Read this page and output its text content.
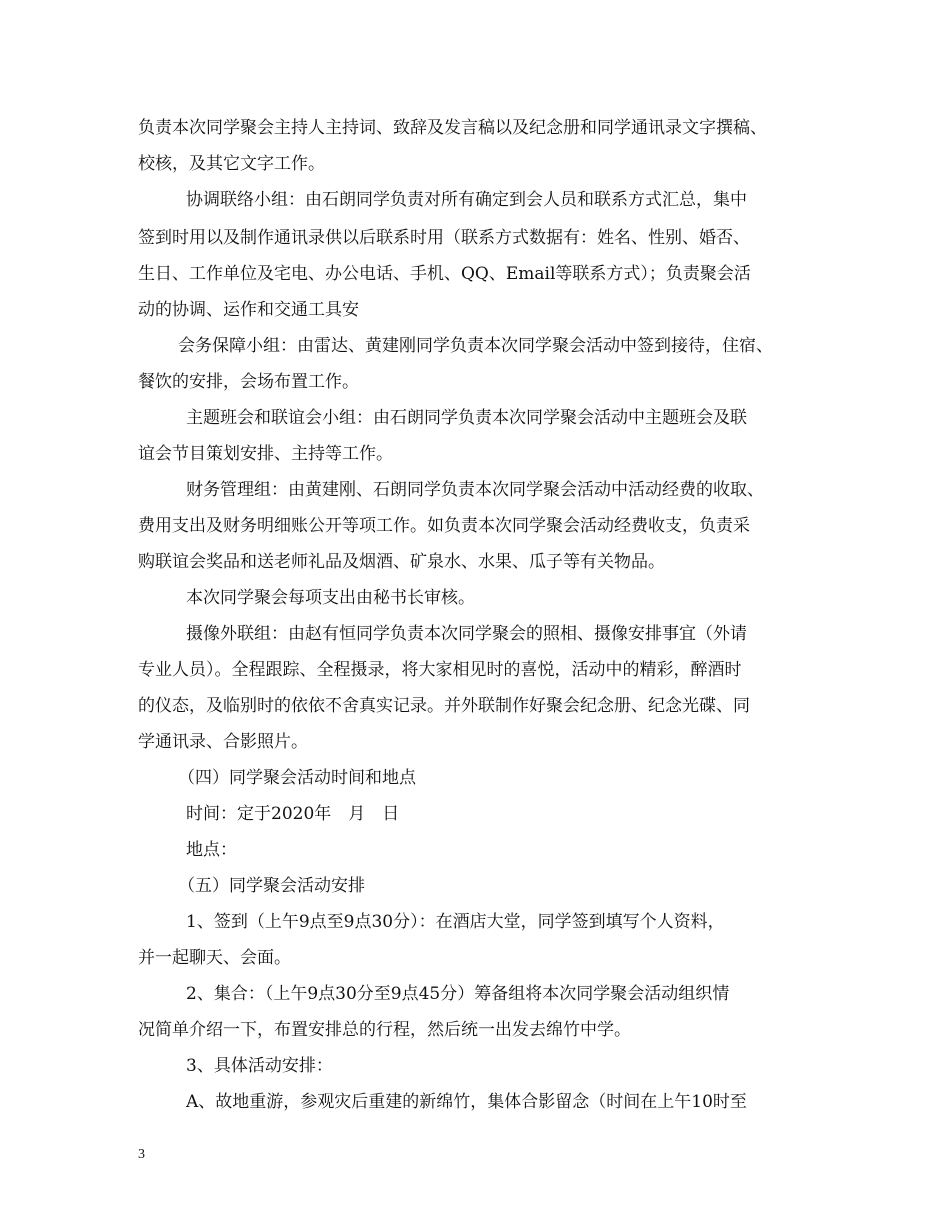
负责本次同学聚会主持人主持词、致辞及发言稿以及纪念册和同学通讯录文字撰稿、
校核，及其它文字工作。
协调联络小组：由石朗同学负责对所有确定到会人员和联系方式汇总，集中
签到时用以及制作通讯录供以后联系时用（联系方式数据有：姓名、性别、婚否、
生日、工作单位及宅电、办公电话、手机、QQ、Email等联系方式）；负责聚会活
动的协调、运作和交通工具安
会务保障小组：由雷达、黄建刚同学负责本次同学聚会活动中签到接待，住宿、
餐饮的安排，会场布置工作。
主题班会和联谊会小组：由石朗同学负责本次同学聚会活动中主题班会及联
谊会节目策划安排、主持等工作。
财务管理组：由黄建刚、石朗同学负责本次同学聚会活动中活动经费的收取、
费用支出及财务明细账公开等项工作。如负责本次同学聚会活动经费收支，负责采
购联谊会奖品和送老师礼品及烟酒、矿泉水、水果、瓜子等有关物品。
本次同学聚会每项支出由秘书长审核。
摄像外联组：由赵有恒同学负责本次同学聚会的照相、摄像安排事宜（外请
专业人员）。全程跟踪、全程摄录，将大家相见时的喜悦，活动中的精彩，醉酒时
的仪态，及临别时的依依不舍真实记录。并外联制作好聚会纪念册、纪念光碟、同
学通讯录、合影照片。
（四）同学聚会活动时间和地点
时间：定于2020年　月　日
地点：
（五）同学聚会活动安排
1、签到（上午9点至9点30分）：在酒店大堂，同学签到填写个人资料，
并一起聊天、会面。
2、集合：（上午9点30分至9点45分）筹备组将本次同学聚会活动组织情
况简单介绍一下，布置安排总的行程，然后统一出发去绵竹中学。
3、具体活动安排：
A、故地重游，参观灾后重建的新绵竹，集体合影留念（时间在上午10时至
3
